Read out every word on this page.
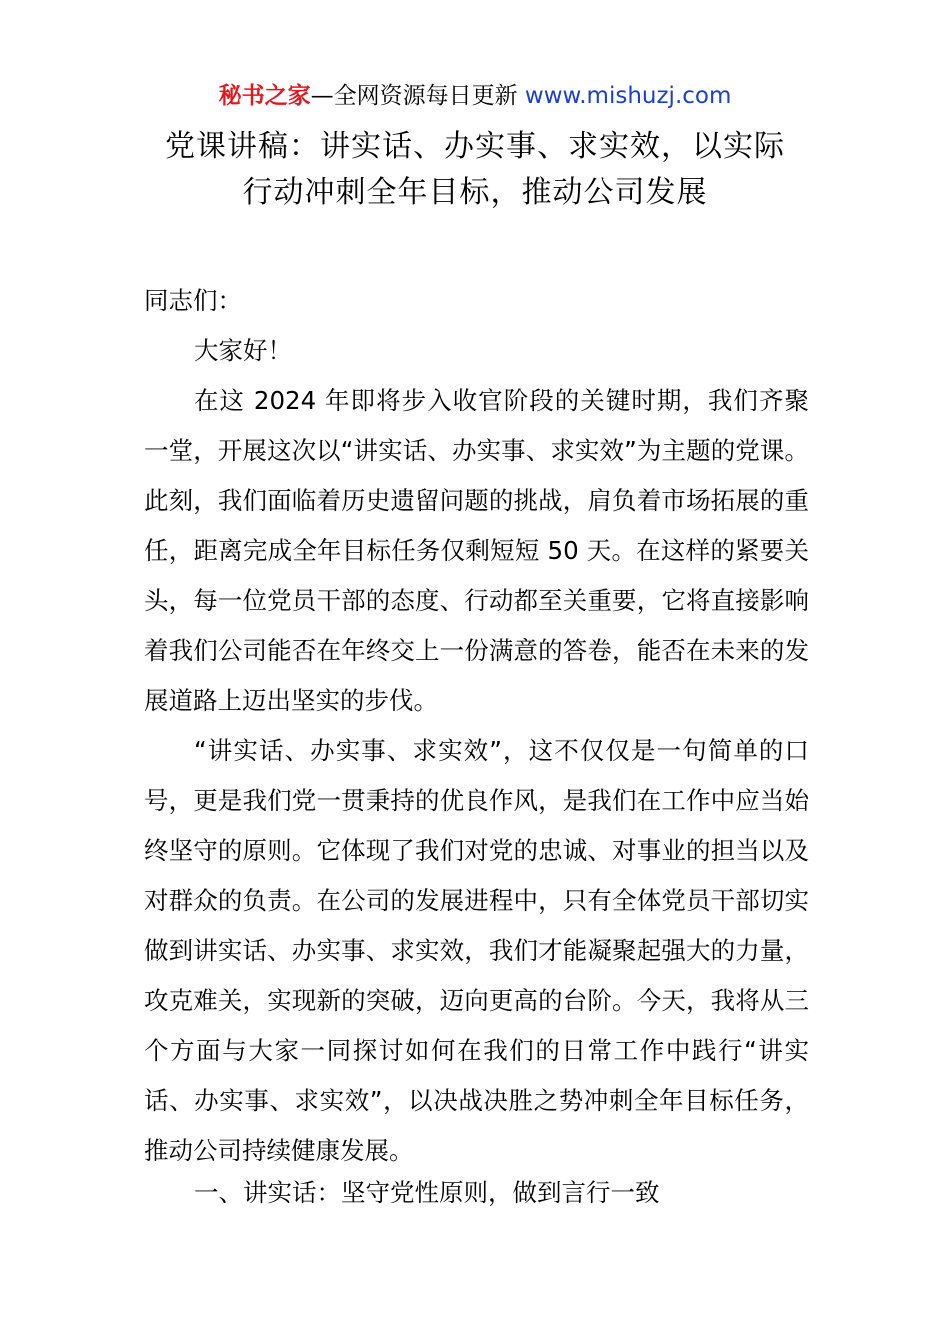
秘书之家—全网资源每日更新 www.mishuzj.com
党课讲稿：讲实话、办实事、求实效，以实际
行动冲刺全年目标，推动公司发展

同志们：

大家好！

在这 2024 年即将步入收官阶段的关键时期，我们齐聚一堂，开展这次以“讲实话、办实事、求实效”为主题的党课。此刻，我们面临着历史遗留问题的挑战，肩负着市场拓展的重任，距离完成全年目标任务仅剩短短 50 天。在这样的紧要关头，每一位党员干部的态度、行动都至关重要，它将直接影响着我们公司能否在年终交上一份满意的答卷，能否在未来的发展道路上迈出坚实的步伐。

“讲实话、办实事、求实效”，这不仅仅是一句简单的口号，更是我们党一贯秉持的优良作风，是我们在工作中应当始终坚守的原则。它体现了我们对党的忠诚、对事业的担当以及对群众的负责。在公司的发展进程中，只有全体党员干部切实做到讲实话、办实事、求实效，我们才能凝聚起强大的力量，攻克难关，实现新的突破，迈向更高的台阶。今天，我将从三个方面与大家一同探讨如何在我们的日常工作中践行“讲实话、办实事、求实效”，以决战决胜之势冲刺全年目标任务，推动公司持续健康发展。

一、讲实话：坚守党性原则，做到言行一致
